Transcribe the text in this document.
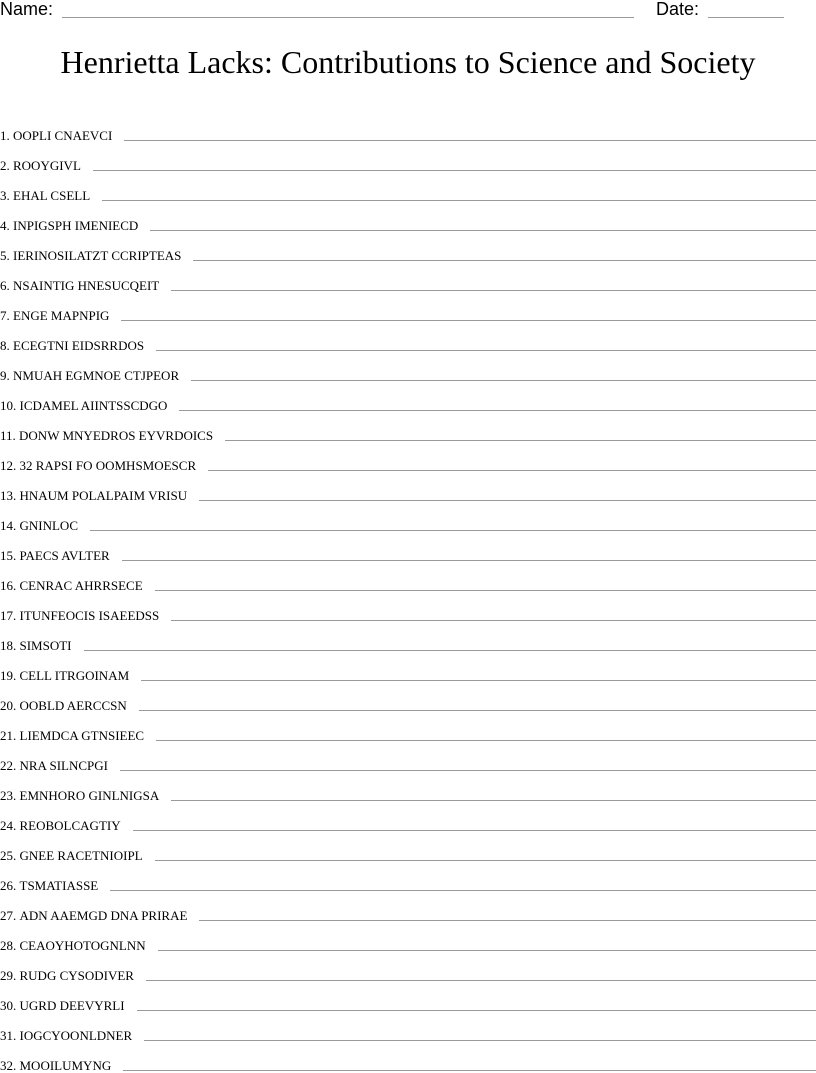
Name:	Date:
Henrietta Lacks: Contributions to Science and Society
1.
OOPLI CNAEVCI
2.
ROOYGIVL
3.
EHAL CSELL
4.
INPIGSPH IMENIECD
5.
IERINOSILATZT CCRIPTEAS
6.
NSAINTIG HNESUCQEIT
7.
ENGE MAPNPIG
8.
ECEGTNI EIDSRRDOS
9.
NMUAH EGMNOE CTJPEOR
10.
ICDAMEL AIINTSSCDGO
11.
DONW MNYEDROS EYVRDOICS
12.
32 RAPSI FO OOMHSMOESCR
13.
HNAUM POLALPAIM VRISU
14.
GNINLOC
15.
PAECS AVLTER
16.
CENRAC AHRRSECE
17.
ITUNFEOCIS ISAEEDSS
18.
SIMSOTI
19.
CELL ITRGOINAM
20.
OOBLD AERCCSN
21.
LIEMDCA GTNSIEEC
22.
NRA SILNCPGI
23.
EMNHORO GINLNIGSA
24.
REOBOLCAGTIY
25.
GNEE RACETNIOIPL
26.
TSMATIASSE
27.
ADN AAEMGD DNA PRIRAE
28.
CEAOYHOTOGNLNN
29.
RUDG CYSODIVER
30.
UGRD DEEVYRLI
31.
IOGCYOONLDNER
32.
MOOILUMYNG
